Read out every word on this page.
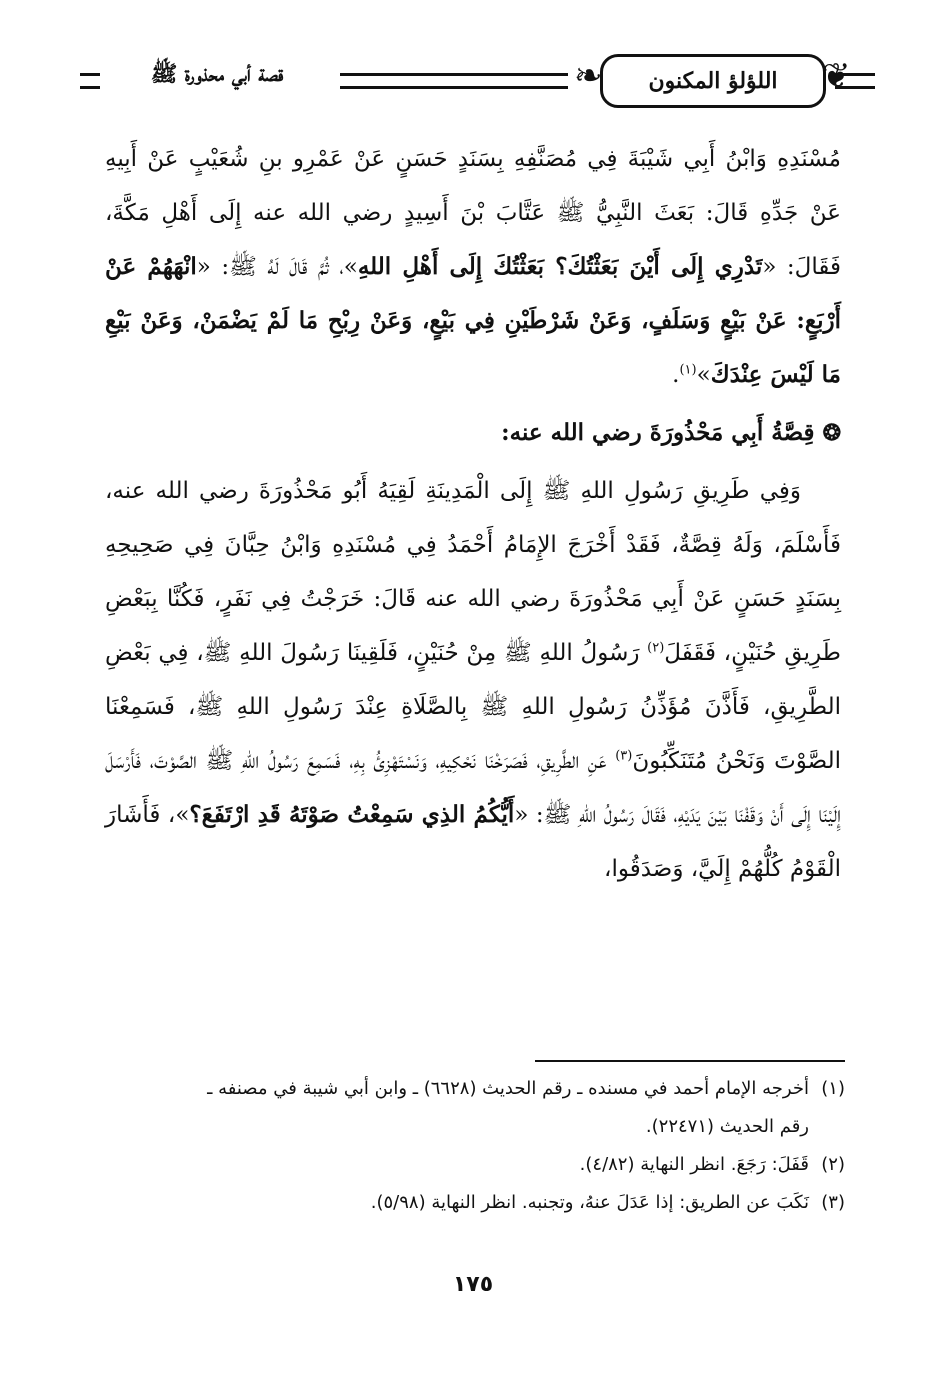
❦
اللؤلؤ المكنون
❧
قصة أبي محذورة ﷺ

مُسْنَدِهِ وَابْنُ أَبِي شَيْبَةَ فِي مُصَنَّفِهِ بِسَنَدٍ حَسَنٍ عَنْ عَمْرِو بنِ شُعَيْبٍ عَنْ أَبِيهِ عَنْ جَدِّهِ قَالَ: بَعَثَ النَّبِيُّ ﷺ عَتَّابَ بْنَ أَسِيدٍ رضي الله عنه إِلَى أَهْلِ مَكَّةَ، فَقَالَ: «تَدْرِي إِلَى أَيْنَ بَعَثْتُكَ؟ بَعَثْتُكَ إِلَى أَهْلِ اللهِ»، ثُمَّ قَالَ لَهُ ﷺ: «انْهَهُمْ عَنْ أَرْبَعٍ: عَنْ بَيْعٍ وَسَلَفٍ، وَعَنْ شَرْطَيْنِ فِي بَيْعٍ، وَعَنْ رِبْحِ مَا لَمْ يَضْمَنْ، وَعَنْ بَيْعِ مَا لَيْسَ عِنْدَكَ»$^{(١)}$.

❂قِصَّةُ أَبِي مَحْذُورَةَ رضي الله عنه:

وَفِي طَرِيقِ رَسُولِ اللهِ ﷺ إِلَى الْمَدِينَةِ لَقِيَهُ أَبُو مَحْذُورَةَ رضي الله عنه، فَأَسْلَمَ، وَلَهُ قِصَّةٌ، فَقَدْ أَخْرَجَ الإِمَامُ أَحْمَدُ فِي مُسْنَدِهِ وَابْنُ حِبَّانَ فِي صَحِيحِهِ بِسَنَدٍ حَسَنٍ عَنْ أَبِي مَحْذُورَةَ رضي الله عنه قَالَ: خَرَجْتُ فِي نَفَرٍ، فَكُنَّا بِبَعْضِ طَرِيقِ حُنَيْنٍ، فَقَفَلَ$^{(٢)}$ رَسُولُ اللهِ ﷺ مِنْ حُنَيْنٍ، فَلَقِينَا رَسُولَ اللهِ ﷺ، فِي بَعْضِ الطَّرِيقِ، فَأَذَّنَ مُؤَذِّنُ رَسُولِ اللهِ ﷺ بِالصَّلَاةِ عِنْدَ رَسُولِ اللهِ ﷺ، فَسَمِعْنَا الصَّوْتَ وَنَحْنُ مُتَنَكِّبُونَ$^{(٣)}$ عَنِ الطَّرِيقِ، فَصَرَخْنَا نَحْكِيهِ، وَنَسْتَهْزِئُ بِهِ، فَسَمِعَ رَسُولُ اللهِ ﷺ الصَّوْتَ، فَأَرْسَلَ إِلَيْنَا إِلَى أَنْ وَقَفْنَا بَيْنَ يَدَيْهِ، فَقَالَ رَسُولُ اللهِ ﷺ: «أَيُّكُمُ الذِي سَمِعْتُ صَوْتَهُ قَدِ ارْتَفَعَ؟»، فَأَشَارَ الْقَوْمُ كُلُّهُمْ إِلَيَّ، وَصَدَقُوا،

(١)أخرجه الإمام أحمد في مسنده ـ رقم الحديث (٦٦٢٨) ـ وابن أبي شيبة في مصنفه ـ

رقم الحديث (٢٢٤٧١).

(٢)قَفَلَ: رَجَعَ. انظر النهاية (٤/٨٢).

(٣)نَكَبَ عن الطريق: إذا عَدَلَ عنهُ، وتجنبه. انظر النهاية (٥/٩٨).

١٧٥
